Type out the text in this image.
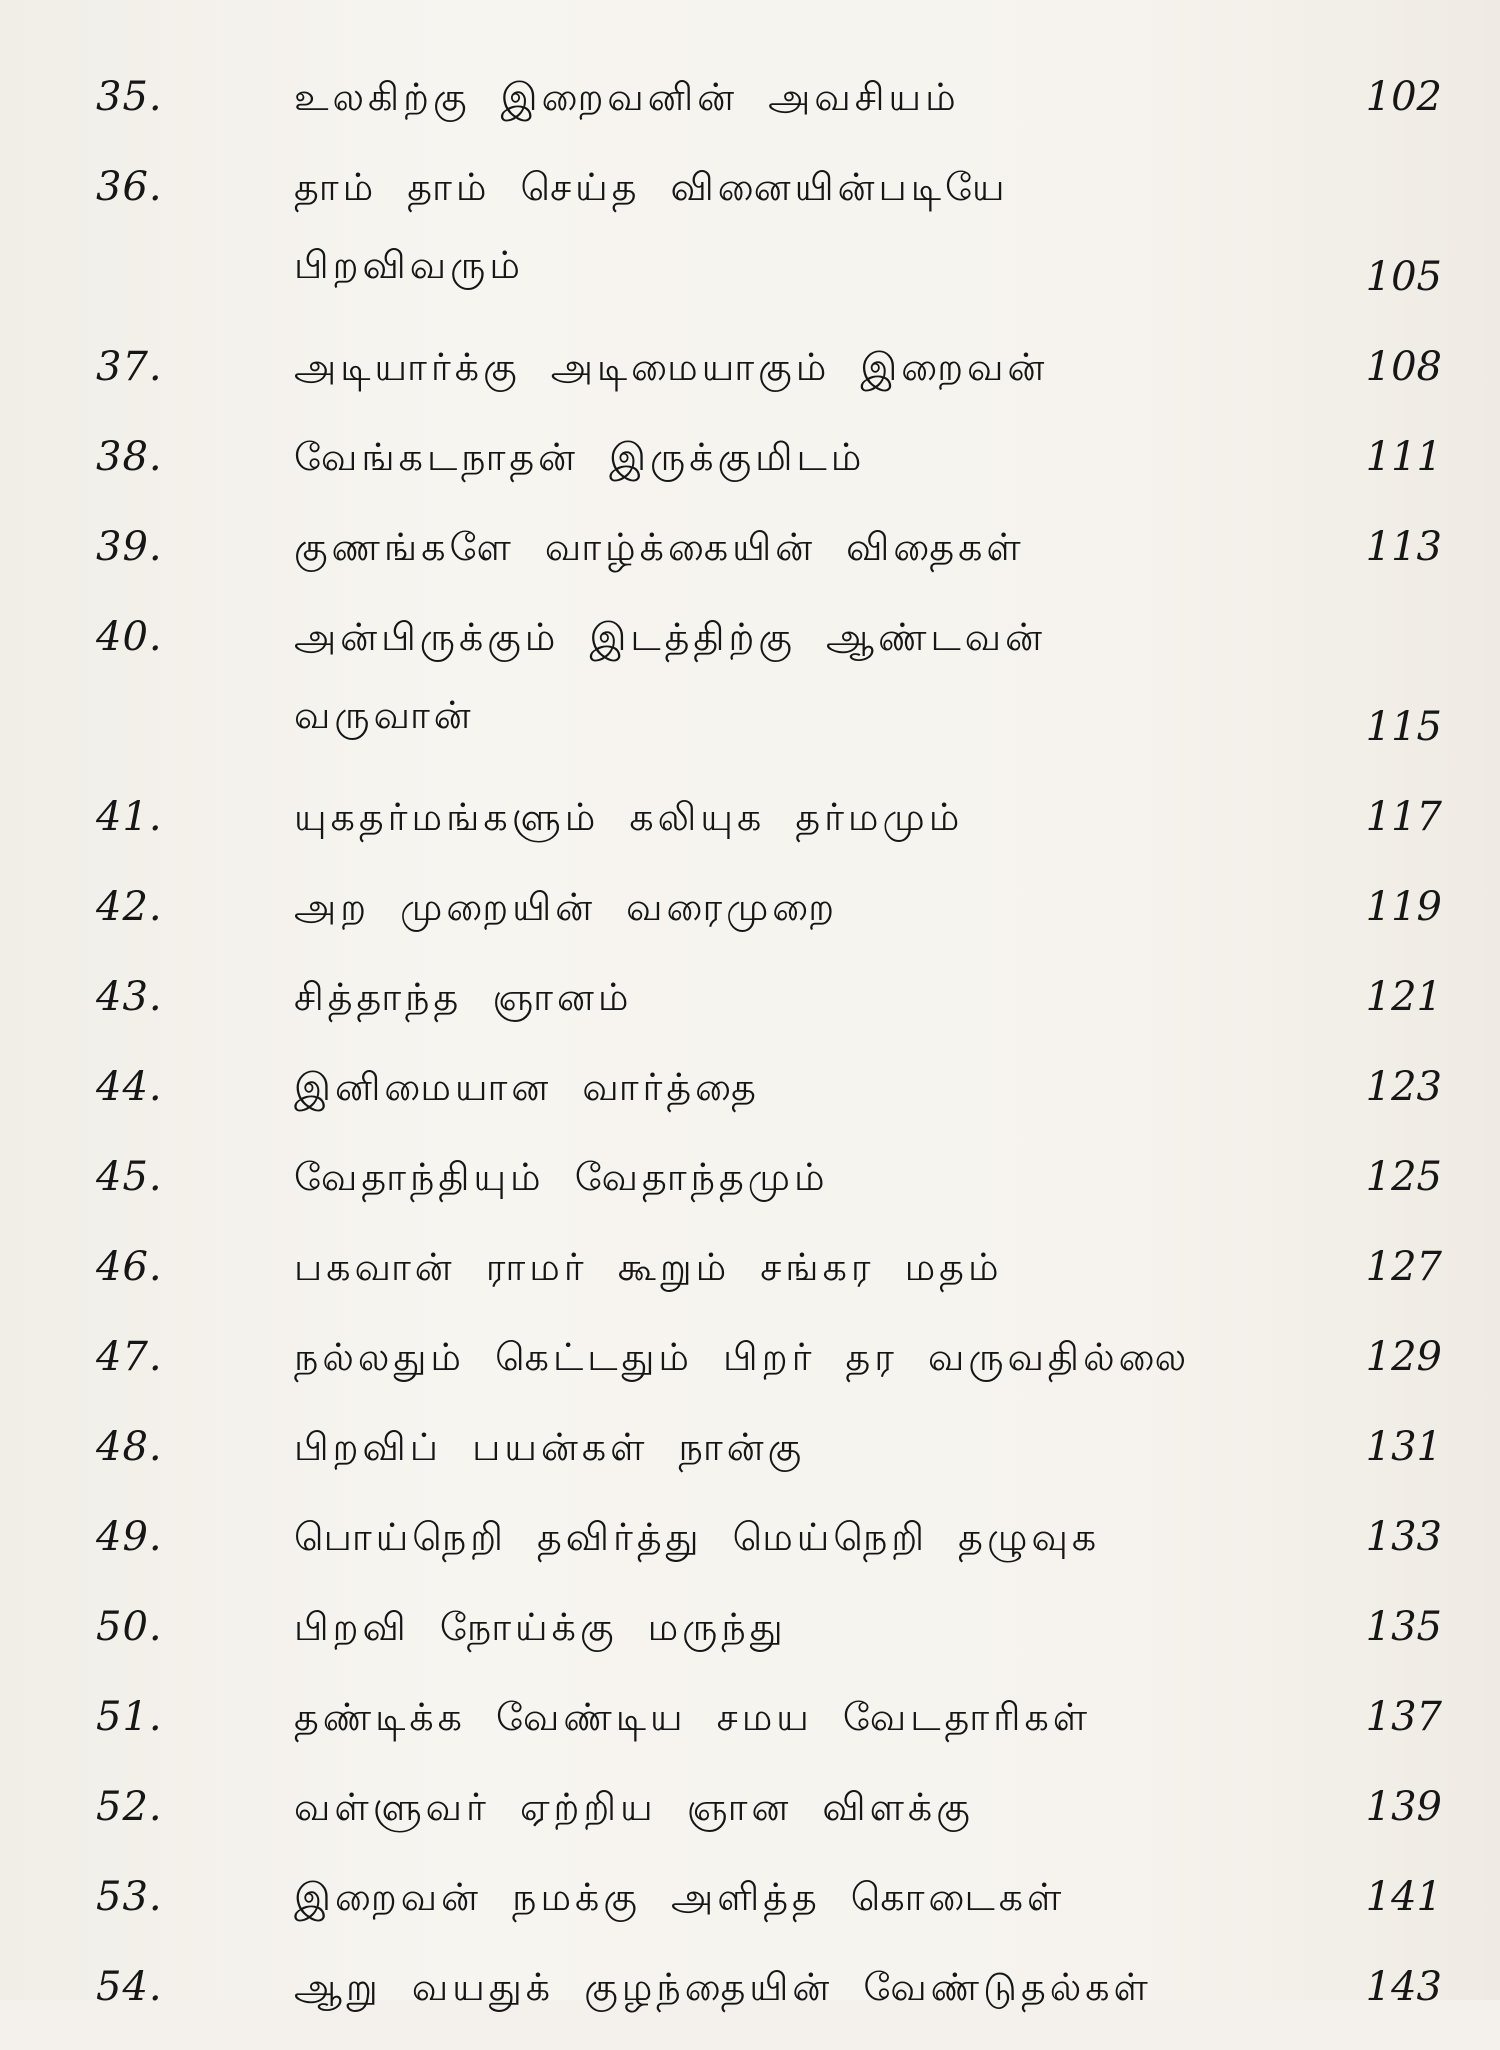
35.	உலகிற்கு இறைவனின் அவசியம்	102
36.	தாம் தாம் செய்த வினையின்படியே பிறவிவரும்	105
37.	அடியார்க்கு அடிமையாகும் இறைவன்	108
38.	வேங்கடநாதன் இருக்குமிடம்	111
39.	குணங்களே வாழ்க்கையின் விதைகள்	113
40.	அன்பிருக்கும் இடத்திற்கு ஆண்டவன் வருவான்	115
41.	யுகதர்மங்களும் கலியுக தர்மமும்	117
42.	அற முறையின் வரைமுறை	119
43.	சித்தாந்த ஞானம்	121
44.	இனிமையான வார்த்தை	123
45.	வேதாந்தியும் வேதாந்தமும்	125
46.	பகவான் ராமர் கூறும் சங்கர மதம்	127
47.	நல்லதும் கெட்டதும் பிறர் தர வருவதில்லை	129
48.	பிறவிப் பயன்கள் நான்கு	131
49.	பொய்நெறி தவிர்த்து மெய்நெறி தழுவுக	133
50.	பிறவி நோய்க்கு மருந்து	135
51.	தண்டிக்க வேண்டிய சமய வேடதாரிகள்	137
52.	வள்ளுவர் ஏற்றிய ஞான விளக்கு	139
53.	இறைவன் நமக்கு அளித்த கொடைகள்	141
54.	ஆறு வயதுக் குழந்தையின் வேண்டுதல்கள்	143
